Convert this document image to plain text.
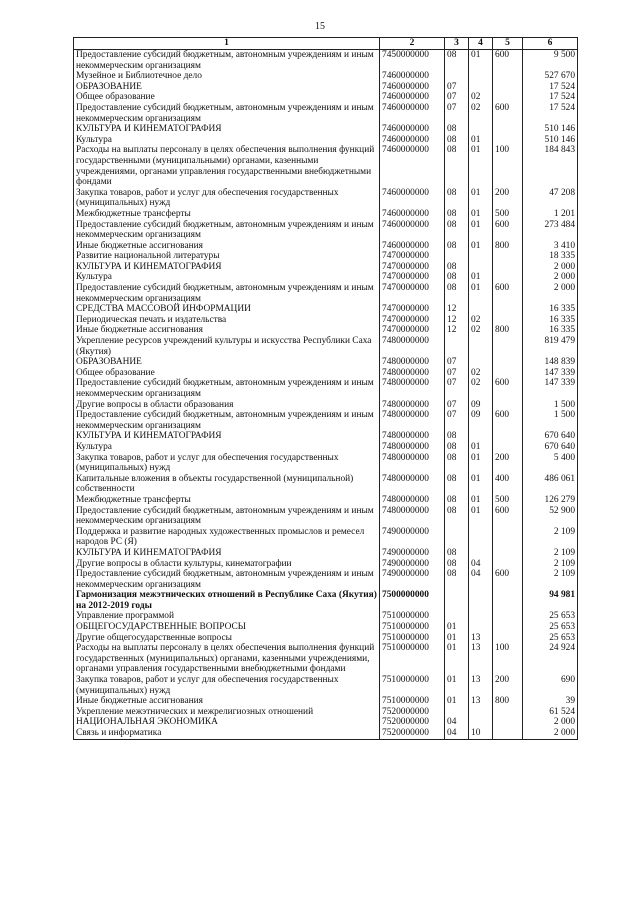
15
1	2	3	4	5	6
Предоставление субсидий бюджетным, автономным учреждениям и иным некоммерческим организациям	7450000000	08	01	600	9 500
Музейное и Библиотечное дело	7460000000				527 670
ОБРАЗОВАНИЕ	7460000000	07			17 524
Общее образование	7460000000	07	02		17 524
Предоставление субсидий бюджетным, автономным учреждениям и иным некоммерческим организациям	7460000000	07	02	600	17 524
КУЛЬТУРА И КИНЕМАТОГРАФИЯ	7460000000	08			510 146
Культура	7460000000	08	01		510 146
Расходы на выплаты персоналу в целях обеспечения выполнения функций государственными (муниципальными) органами, казенными учреждениями, органами управления государственными внебюджетными фондами	7460000000	08	01	100	184 843
Закупка товаров, работ и услуг для обеспечения государственных (муниципальных) нужд	7460000000	08	01	200	47 208
Межбюджетные трансферты	7460000000	08	01	500	1 201
Предоставление субсидий бюджетным, автономным учреждениям и иным некоммерческим организациям	7460000000	08	01	600	273 484
Иные бюджетные ассигнования	7460000000	08	01	800	3 410
Развитие национальной литературы	7470000000				18 335
КУЛЬТУРА И КИНЕМАТОГРАФИЯ	7470000000	08			2 000
Культура	7470000000	08	01		2 000
Предоставление субсидий бюджетным, автономным учреждениям и иным некоммерческим организациям	7470000000	08	01	600	2 000
СРЕДСТВА МАССОВОЙ ИНФОРМАЦИИ	7470000000	12			16 335
Периодическая печать и издательства	7470000000	12	02		16 335
Иные бюджетные ассигнования	7470000000	12	02	800	16 335
Укрепление ресурсов учреждений культуры и искусства Республики Саха (Якутия)	7480000000				819 479
ОБРАЗОВАНИЕ	7480000000	07			148 839
Общее образование	7480000000	07	02		147 339
Предоставление субсидий бюджетным, автономным учреждениям и иным некоммерческим организациям	7480000000	07	02	600	147 339
Другие вопросы в области образования	7480000000	07	09		1 500
Предоставление субсидий бюджетным, автономным учреждениям и иным некоммерческим организациям	7480000000	07	09	600	1 500
КУЛЬТУРА И КИНЕМАТОГРАФИЯ	7480000000	08			670 640
Культура	7480000000	08	01		670 640
Закупка товаров, работ и услуг для обеспечения государственных (муниципальных) нужд	7480000000	08	01	200	5 400
Капитальные вложения в объекты государственной (муниципальной) собственности	7480000000	08	01	400	486 061
Межбюджетные трансферты	7480000000	08	01	500	126 279
Предоставление субсидий бюджетным, автономным учреждениям и иным некоммерческим организациям	7480000000	08	01	600	52 900
Поддержка и развитие народных художественных промыслов и ремесел народов РС (Я)	7490000000				2 109
КУЛЬТУРА И КИНЕМАТОГРАФИЯ	7490000000	08			2 109
Другие вопросы в области культуры, кинематографии	7490000000	08	04		2 109
Предоставление субсидий бюджетным, автономным учреждениям и иным некоммерческим организациям	7490000000	08	04	600	2 109
Гармонизация межэтнических отношений в Республике Саха (Якутия) на 2012-2019 годы	7500000000				94 981
Управление программой	7510000000				25 653
ОБЩЕГОСУДАРСТВЕННЫЕ ВОПРОСЫ	7510000000	01			25 653
Другие общегосударственные вопросы	7510000000	01	13		25 653
Расходы на выплаты персоналу в целях обеспечения выполнения функций государственных (муниципальных) органами, казенными учреждениями, органами управления государственными внебюджетными фондами	7510000000	01	13	100	24 924
Закупка товаров, работ и услуг для обеспечения государственных (муниципальных) нужд	7510000000	01	13	200	690
Иные бюджетные ассигнования	7510000000	01	13	800	39
Укрепление межэтнических и межрелигиозных отношений	7520000000				61 524
НАЦИОНАЛЬНАЯ ЭКОНОМИКА	7520000000	04			2 000
Связь и информатика	7520000000	04	10		2 000
